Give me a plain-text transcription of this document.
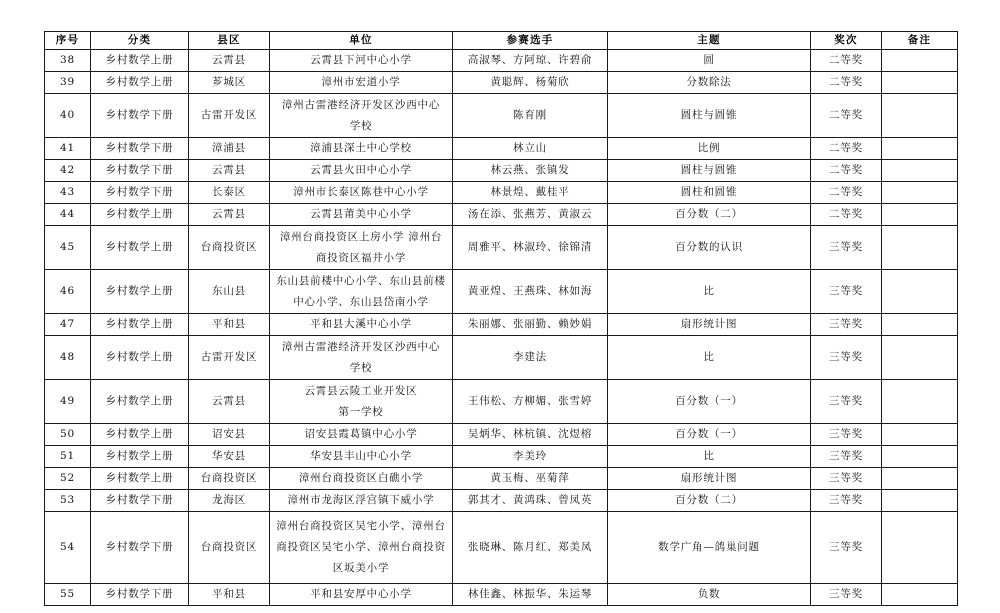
序号	分类	县区	单位	参赛选手	主题	奖次	备注
38	乡村数学上册	云霄县	云霄县下河中心小学	高淑琴、方阿琼、许碧俞	圆	二等奖	
39	乡村数学上册	芗城区	漳州市宏道小学	黄聪辉、杨菊欣	分数除法	二等奖	
40	乡村数学下册	古雷开发区	漳州古雷港经济开发区沙西中心
学校	陈育刚	圆柱与圆锥	二等奖	
41	乡村数学下册	漳浦县	漳浦县深土中心学校	林立山	比例	二等奖	
42	乡村数学下册	云霄县	云霄县火田中心小学	林云燕、张镇发	圆柱与圆锥	二等奖	
43	乡村数学下册	长泰区	漳州市长泰区陈巷中心小学	林景煌、戴桂平	圆柱和圆锥	二等奖	
44	乡村数学上册	云霄县	云霄县莆美中心小学	汤在添、张燕芳、黄淑云	百分数（二）	二等奖	
45	乡村数学上册	台商投资区	漳州台商投资区上房小学 漳州台
商投资区福井小学	周雅平、林淑玲、徐锦清	百分数的认识	三等奖	
46	乡村数学上册	东山县	东山县前楼中心小学、东山县前楼
中心小学、东山县岱南小学	黄亚煌、王燕珠、林如海	比	三等奖	
47	乡村数学上册	平和县	平和县大溪中心小学	朱丽娜、张丽勤、赖妙娟	扇形统计图	三等奖	
48	乡村数学上册	古雷开发区	漳州古雷港经济开发区沙西中心
学校	李建法	比	三等奖	
49	乡村数学上册	云霄县	云霄县云陵工业开发区
第一学校	王伟松、方柳媚、张雪婷	百分数（一）	三等奖	
50	乡村数学上册	诏安县	诏安县霞葛镇中心小学	吴炳华、林杭镇、沈煜榕	百分数（一）	三等奖	
51	乡村数学上册	华安县	华安县丰山中心小学	李美玲	比	三等奖	
52	乡村数学上册	台商投资区	漳州台商投资区白礁小学	黄玉梅、巫菊萍	扇形统计图	三等奖	
53	乡村数学下册	龙海区	漳州市龙海区浮宫镇下威小学	郭其才、黄鸿珠、曾凤英	百分数（二）	三等奖	
54	乡村数学下册	台商投资区	漳州台商投资区吴宅小学、漳州台
商投资区吴宅小学、漳州台商投资
区坂美小学	张晓琳、陈月红、郑美凤	数学广角—鸽巢问题	三等奖	
55	乡村数学下册	平和县	平和县安厚中心小学	林佳鑫、林振华、朱运琴	负数	三等奖	
